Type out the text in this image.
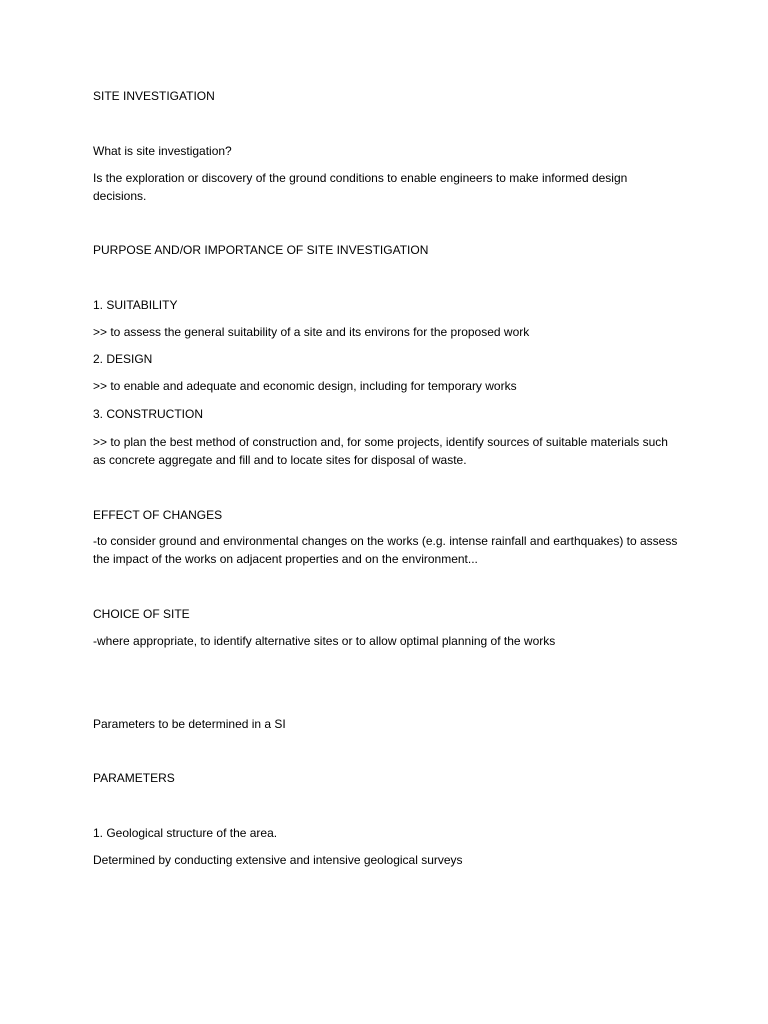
SITE INVESTIGATION
What is site investigation?
Is the exploration or discovery of the ground conditions to enable engineers to make informed design decisions.
PURPOSE AND/OR IMPORTANCE OF SITE INVESTIGATION
1. SUITABILITY
>> to assess the general suitability of a site and its environs for the proposed work
2. DESIGN
>> to enable and adequate and economic design, including for temporary works
3. CONSTRUCTION
>> to plan the best method of construction and, for some projects, identify sources of suitable materials such as concrete aggregate and fill and to locate sites for disposal of waste.
EFFECT OF CHANGES
-to consider ground and environmental changes on the works (e.g. intense rainfall and earthquakes) to assess the impact of the works on adjacent properties and on the environment...
CHOICE OF SITE
-where appropriate, to identify alternative sites or to allow optimal planning of the works
Parameters to be determined in a SI
PARAMETERS
1. Geological structure of the area.
Determined by conducting extensive and intensive geological surveys
